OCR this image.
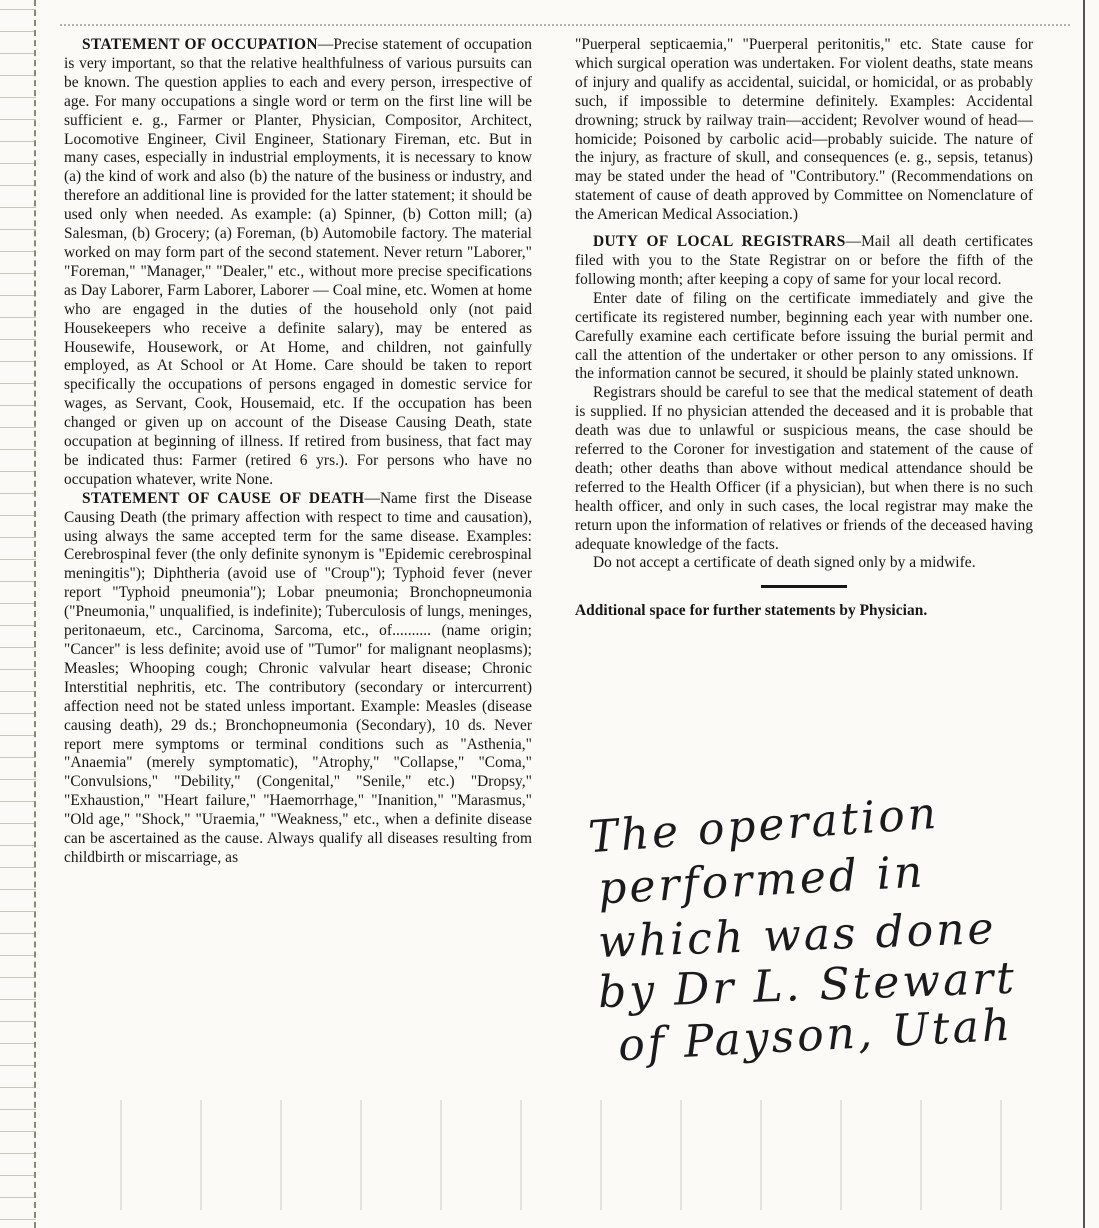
STATEMENT OF OCCUPATION—Precise statement of occupation is very important, so that the relative healthfulness of various pursuits can be known. The question applies to each and every person, irrespective of age. For many occupations a single word or term on the first line will be sufficient e. g., Farmer or Planter, Physician, Compositor, Architect, Locomotive Engineer, Civil Engineer, Stationary Fireman, etc. But in many cases, especially in industrial employments, it is necessary to know (a) the kind of work and also (b) the nature of the business or industry, and therefore an additional line is provided for the latter statement; it should be used only when needed. As example: (a) Spinner, (b) Cotton mill; (a) Salesman, (b) Grocery; (a) Foreman, (b) Automobile factory. The material worked on may form part of the second statement. Never return "Laborer," "Foreman," "Manager," "Dealer," etc., without more precise specifications as Day Laborer, Farm Laborer, Laborer — Coal mine, etc. Women at home who are engaged in the duties of the household only (not paid Housekeepers who receive a definite salary), may be entered as Housewife, Housework, or At Home, and children, not gainfully employed, as At School or At Home. Care should be taken to report specifically the occupations of persons engaged in domestic service for wages, as Servant, Cook, Housemaid, etc. If the occupation has been changed or given up on account of the Disease Causing Death, state occupation at beginning of illness. If retired from business, that fact may be indicated thus: Farmer (retired 6 yrs.). For persons who have no occupation whatever, write None.

STATEMENT OF CAUSE OF DEATH—Name first the Disease Causing Death (the primary affection with respect to time and causation), using always the same accepted term for the same disease. Examples: Cerebrospinal fever (the only definite synonym is "Epidemic cerebrospinal meningitis"); Diphtheria (avoid use of "Croup"); Typhoid fever (never report "Typhoid pneumonia"); Lobar pneumonia; Bronchopneumonia ("Pneumonia," unqualified, is indefinite); Tuberculosis of lungs, meninges, peritonaeum, etc., Carcinoma, Sarcoma, etc., of.......... (name origin; "Cancer" is less definite; avoid use of "Tumor" for malignant neoplasms); Measles; Whooping cough; Chronic valvular heart disease; Chronic Interstitial nephritis, etc. The contributory (secondary or intercurrent) affection need not be stated unless important. Example: Measles (disease causing death), 29 ds.; Bronchopneumonia (Secondary), 10 ds. Never report mere symptoms or terminal conditions such as "Asthenia," "Anaemia" (merely symptomatic), "Atrophy," "Collapse," "Coma," "Convulsions," "Debility," (Congenital," "Senile," etc.) "Dropsy," "Exhaustion," "Heart failure," "Haemorrhage," "Inanition," "Marasmus," "Old age," "Shock," "Uraemia," "Weakness," etc., when a definite disease can be ascertained as the cause. Always qualify all diseases resulting from childbirth or miscarriage, as

"Puerperal septicaemia," "Puerperal peritonitis," etc. State cause for which surgical operation was undertaken. For violent deaths, state means of injury and qualify as accidental, suicidal, or homicidal, or as probably such, if impossible to determine definitely. Examples: Accidental drowning; struck by railway train—accident; Revolver wound of head—homicide; Poisoned by carbolic acid—probably suicide. The nature of the injury, as fracture of skull, and consequences (e. g., sepsis, tetanus) may be stated under the head of "Contributory." (Recommendations on statement of cause of death approved by Committee on Nomenclature of the American Medical Association.)

DUTY OF LOCAL REGISTRARS—Mail all death certificates filed with you to the State Registrar on or before the fifth of the following month; after keeping a copy of same for your local record.

Enter date of filing on the certificate immediately and give the certificate its registered number, beginning each year with number one. Carefully examine each certificate before issuing the burial permit and call the attention of the undertaker or other person to any omissions. If the information cannot be secured, it should be plainly stated unknown.

Registrars should be careful to see that the medical statement of death is supplied. If no physician attended the deceased and it is probable that death was due to unlawful or suspicious means, the case should be referred to the Coroner for investigation and statement of the cause of death; other deaths than above without medical attendance should be referred to the Health Officer (if a physician), but when there is no such health officer, and only in such cases, the local registrar may make the return upon the information of relatives or friends of the deceased having adequate knowledge of the facts.

Do not accept a certificate of death signed only by a midwife.

Additional space for further statements by Physician.

The operation
performed in
which was done
by Dr L. Stewart
of Payson, Utah
